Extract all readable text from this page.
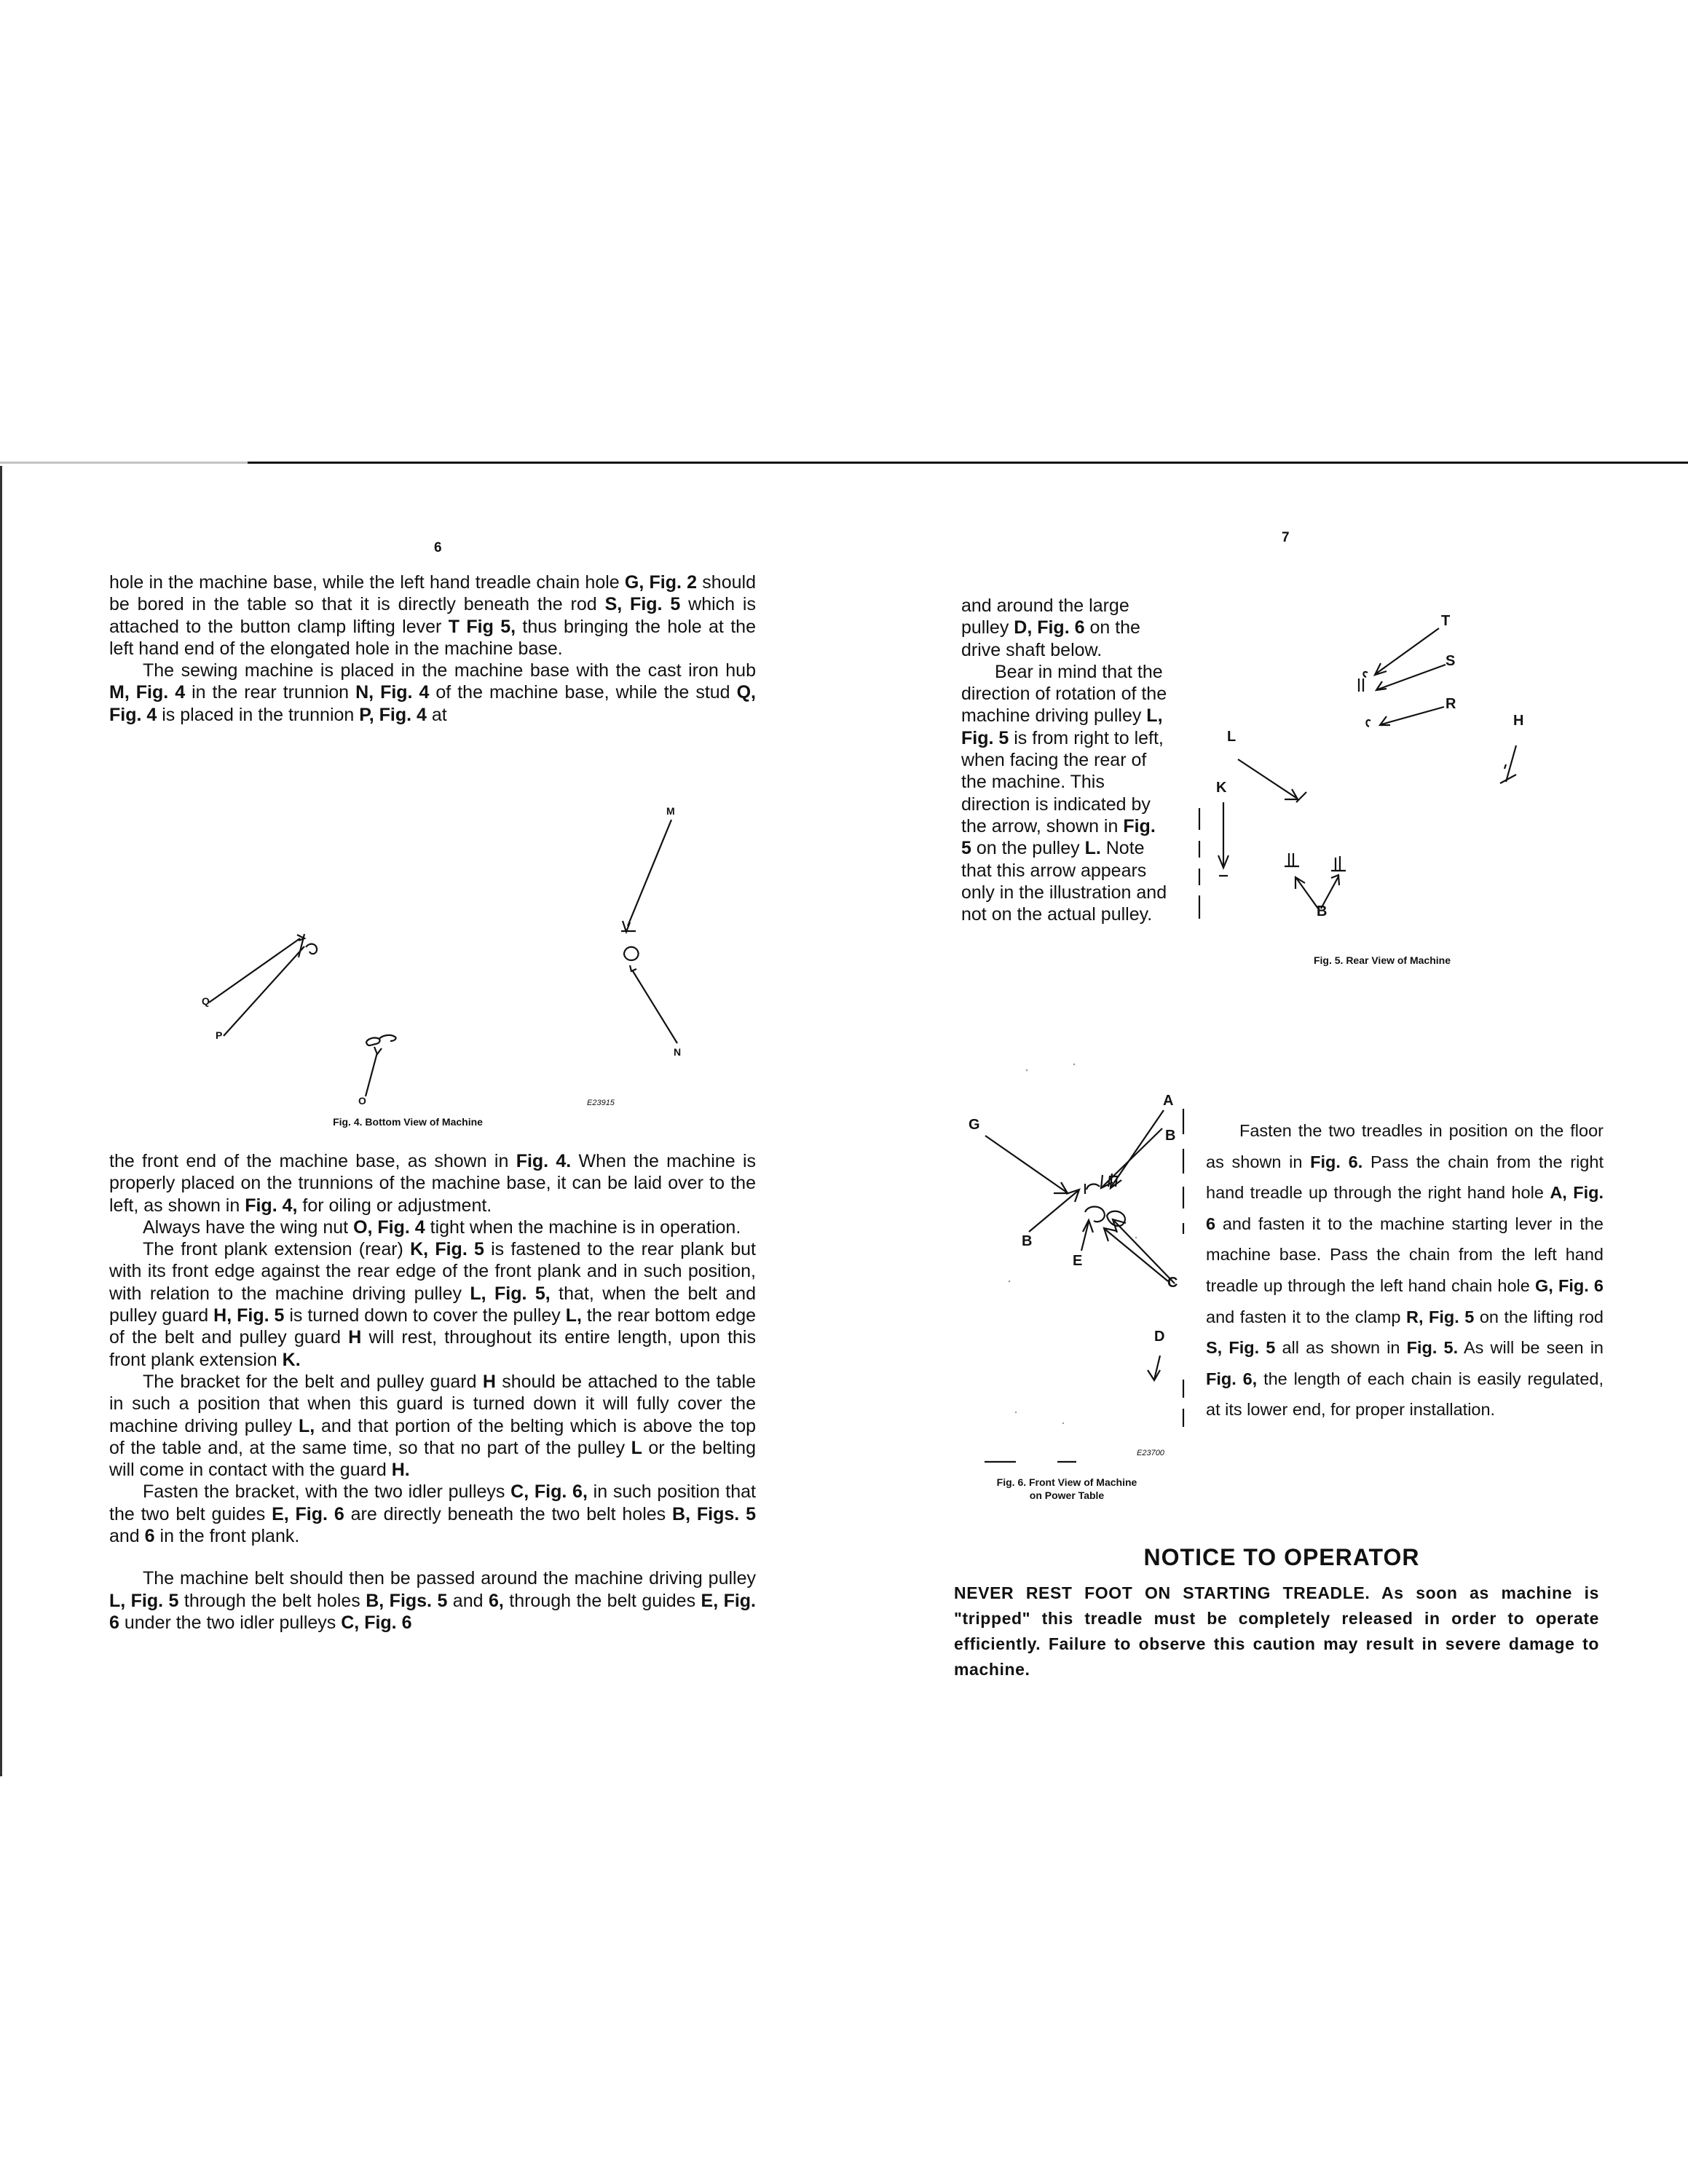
6

hole in the machine base, while the left hand treadle chain hole G, Fig. 2 should be bored in the table so that it is directly beneath the rod S, Fig. 5 which is attached to the button clamp lifting lever T Fig 5, thus bringing the hole at the left hand end of the elongated hole in the machine base.

The sewing machine is placed in the machine base with the cast iron hub M, Fig. 4 in the rear trunnion N, Fig. 4 of the machine base, while the stud Q, Fig. 4 is placed in the trunnion P, Fig. 4 at

M
Q
P
O
N
E23915
Fig. 4. Bottom View of Machine

the front end of the machine base, as shown in Fig. 4. When the machine is properly placed on the trunnions of the machine base, it can be laid over to the left, as shown in Fig. 4, for oiling or adjustment.

Always have the wing nut O, Fig. 4 tight when the machine is in operation.

The front plank extension (rear) K, Fig. 5 is fastened to the rear plank but with its front edge against the rear edge of the front plank and in such position, with relation to the machine driving pulley L, Fig. 5, that, when the belt and pulley guard H, Fig. 5 is turned down to cover the pulley L, the rear bottom edge of the belt and pulley guard H will rest, throughout its entire length, upon this front plank extension K.

The bracket for the belt and pulley guard H should be attached to the table in such a position that when this guard is turned down it will fully cover the machine driving pulley L, and that portion of the belting which is above the top of the table and, at the same time, so that no part of the pulley L or the belting will come in contact with the guard H.

Fasten the bracket, with the two idler pulleys C, Fig. 6, in such position that the two belt guides E, Fig. 6 are directly beneath the two belt holes B, Figs. 5 and 6 in the front plank.

The machine belt should then be passed around the machine driving pulley L, Fig. 5 through the belt holes B, Figs. 5 and 6, through the belt guides E, Fig. 6 under the two idler pulleys C, Fig. 6

7

and around the large pulley D, Fig. 6 on the drive shaft below.

Bear in mind that the direction of rotation of the machine driving pulley L, Fig. 5 is from right to left, when facing the rear of the machine. This direction is indicated by the arrow, shown in Fig. 5 on the pulley L. Note that this arrow appears only in the illustration and not on the actual pulley.

T
S
R
H
L
K
B
Fig. 5. Rear View of Machine
A
B
G
B
E
C
D
E23700
Fig. 6. Front View of Machine
on Power Table

Fasten the two treadles in position on the floor as shown in Fig. 6. Pass the chain from the right hand treadle up through the right hand hole A, Fig. 6 and fasten it to the machine starting lever in the machine base. Pass the chain from the left hand treadle up through the left hand chain hole G, Fig. 6 and fasten it to the clamp R, Fig. 5 on the lifting rod S, Fig. 5 all as shown in Fig. 5. As will be seen in Fig. 6, the length of each chain is easily regulated, at its lower end, for proper installation.

NOTICE TO OPERATOR
NEVER REST FOOT ON STARTING TREADLE. As soon as machine is "tripped" this treadle must be completely released in order to operate efficiently. Failure to observe this caution may result in severe damage to machine.
